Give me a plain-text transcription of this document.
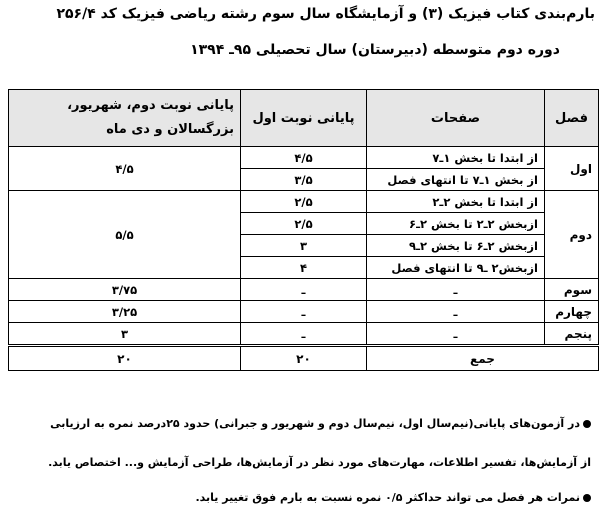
بارم‌بندی کتاب فیزیک (۳) و آزمایشگاه سال سوم رشته ریاضی فیزیک کد ۲۵۶/۴
دوره دوم متوسطه (دبیرستان) سال تحصیلی ۹۵ـ ۱۳۹۴
فصل	صفحات	پایانی نوبت اول	پایانی نوبت دوم، شهریور، بزرگسالان و دی ماه
اول	از ابتدا تا بخش ۱ـ۷	۴/۵	۴/۵
	از بخش ۱ـ۷ تا انتهای فصل	۳/۵	
دوم	از ابتدا تا بخش ۲ـ۲	۲/۵	۵/۵
	ازبخش ۲ـ۲ تا بخش ۲ـ۶	۲/۵	
	ازبخش ۲ـ۶ تا بخش ۲ـ۹	۳	
	ازبخش۲ ـ۹ تا انتهای فصل	۴	
سوم	ـ	ـ	۳/۷۵
چهارم	ـ	ـ	۳/۲۵
پنجم	ـ	ـ	۳
جمع		۲۰	۲۰
در آزمون‌های پایانی(نیم‌سال اول، نیم‌سال دوم و شهریور و جبرانی) حدود ۲۵درصد نمره به ارزیابی
از آزمایش‌ها، تفسیر اطلاعات، مهارت‌های مورد نظر در آزمایش‌ها، طراحی آزمایش و... اختصاص یابد.
نمرات هر فصل می تواند حداکثر ۰/۵ نمره نسبت به بارم فوق تغییر یابد.
